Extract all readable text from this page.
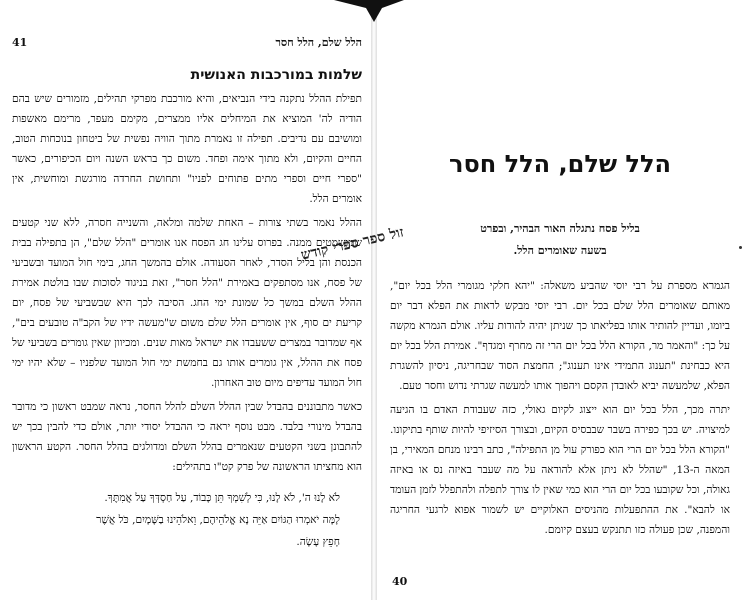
הלל שלם, הלל חסר
41
שלמות במורכבות האנושית

תפילת ההלל נתקנה בידי הנביאים, והיא מורכבת מפרקי תהילים, מזמורים שיש בהם הודיה לה' המוציא את המיחלים אליו ממצרים, מקימם מעפר, מרימם מאשפות ומושיבם עם נדיבים. תפילה זו נאמרת מתוך הוויה נפשית של ביטחון בנוכחות הטוב, החיים והקיום, ולא מתוך אימה ופחד. משום כך בראש השנה ויום הכיפורים, כאשר "ספרי חיים וספרי מתים פתוחים לפניו" ותחושת החרדה מורגשת ומוחשית, אין אומרים הלל.

ההלל נאמר בשתי צורות – האחת שלמה ומלאה, והשנייה חסרה, ללא שני קטעים שמושמטים ממנה. בפרוס עלינו חג הפסח אנו אומרים "הלל שלם", הן בתפילה בבית הכנסת והן בליל הסדר, לאחר הסעודה. אולם בהמשך החג, בימי חול המועד ובשביעי של פסח, אנו מסתפקים באמירת "הלל חסר", זאת בניגוד לסוכות שבו בולטת אמירת ההלל השלם במשך כל שמונת ימי החג. הסיבה לכך היא שבשביעי של פסח, יום קריעת ים סוף, אין אומרים הלל שלם משום ש"מעשה ידיו של הקב"ה טובעים בים", אף שמדובר במצרים ששעבדו את ישראל מאות שנים. ומכיוון שאין גומרים בשביעי של פסח את ההלל, אין גומרים אותו גם בחמשת ימי חול המועד שלפניו – שלא יהיו ימי חול המועד עדיפים מיום טוב האחרון.

כאשר מתבוננים בהבדל שבין ההלל השלם להלל החסר, נראה שמבט ראשון כי מדובר בהבדל מינורי בלבד. מבט נוסף יראה כי ההבדל יסודי יותר, אולם כדי להבין בכך יש להתבונן בשני הקטעים שנאמרים בהלל השלם ומדולגים בהלל החסר. הקטע הראשון הוא מחציתו הראשונה של פרק קט"ו בתהילים:

לֹא לָנוּ ה', לֹא לָנוּ, כִּי לְשִׁמְךָ תֵּן כָּבוֹד, עַל חַסְדְּךָ עַל אֲמִתֶּךָ.
לָמָּה יֹאמְרוּ הַגּוֹיִם אַיֵּה נָא אֱלֹהֵיהֶם, וֵאלֹהֵינוּ בַשָּׁמָיִם, כֹּל אֲשֶׁר
חָפֵץ עָשָׂה.
הלל שלם, הלל חסר
בליל פסח נתגלה האור הבהיר, ובפרט
בשעה שאומרים הלל.

הגמרא מספרת על רבי יוסי שהביע משאלה: "יהא חלקי מגומרי הלל בכל יום", מאותם שאומרים הלל שלם בכל יום. רבי יוסי מבקש לראות את הפלא דבר יום ביומו, ועדיין להותיר אותו בפליאתו כך שניתן יהיה להודות עליו. אולם הגמרא מקשה על כך: "והאמר מר, הקורא הלל בכל יום הרי זה מחרף ומגדף". אמירת הלל בכל יום היא כבחינת "תענוג התמידי אינו תענוג"; החמצת הסוד שבחריגה, ניסיון להשגרת הפלא, שלמעשה יביא לאובדן הקסם ויהפוך אותו למעשה שגרתי נדוש וחסר טעם.

יתרה מכך, הלל בכל יום הוא ייצוג לקיום גאולי, כזה שעבודת האדם בו הגיעה למיצויה. יש בכך כפירה בשבר שבבסיס הקיום, ובצורך הסיזיפי להיות שותף בתיקונו. "הקורא הלל בכל יום הרי הוא כפורק עול מן התפילה", כתב רבינו מנחם המאירי, בן המאה ה-13, "שהלל לא ניתן אלא להודאה על מה שעבר באיזה נס או באיזה גאולה, וכל שקובעו בכל יום הרי הוא כמי שאין לו צורך לתפלה ולהתפלל לזמן העומד או להבא". את ההתפעלות מהניסים האלוקיים יש לשמור אפוא לרגעי החריגה והמפנה, שכן פעולה כזו תתנקש בעצם קיומם.

40
זול ספר ספרי קודש
